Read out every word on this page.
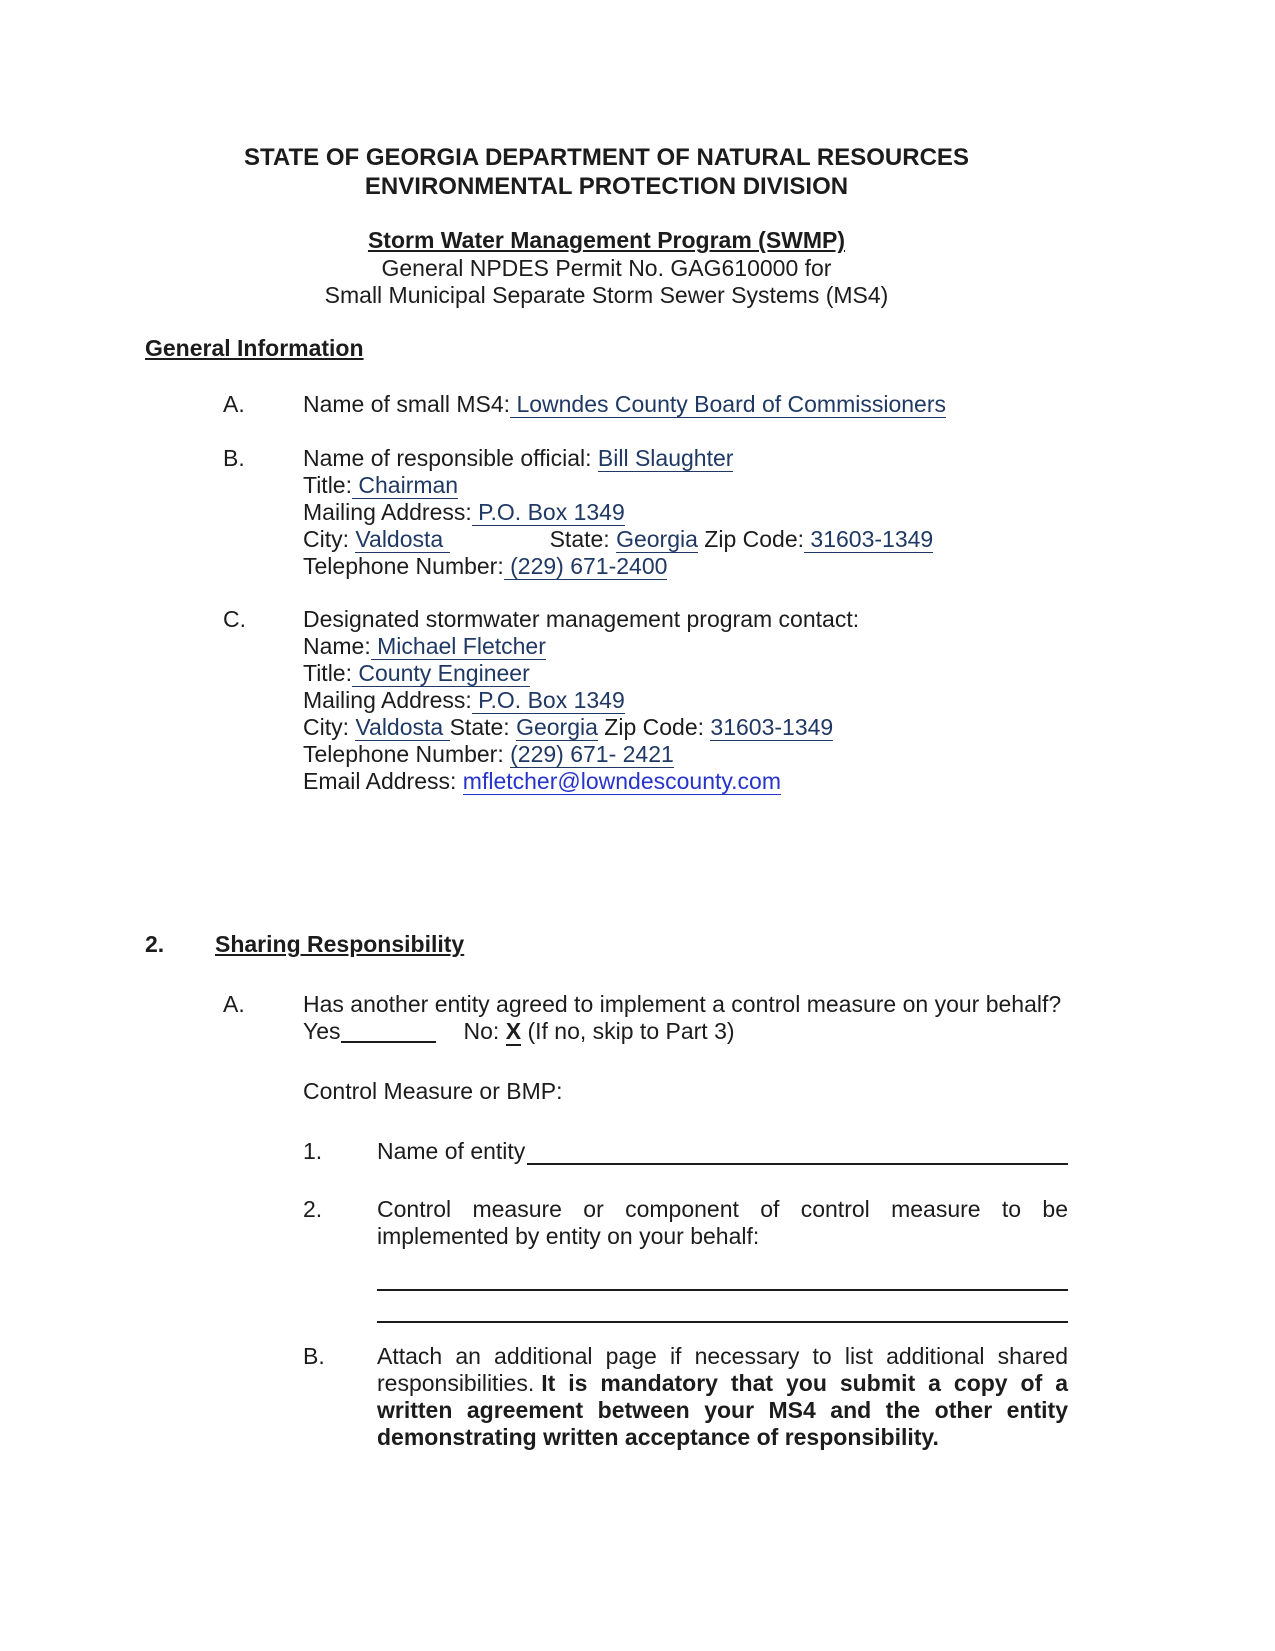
STATE OF GEORGIA DEPARTMENT OF NATURAL RESOURCES
ENVIRONMENTAL PROTECTION DIVISION
Storm Water Management Program (SWMP)
General NPDES Permit No. GAG610000 for
Small Municipal Separate Storm Sewer Systems (MS4)
General Information
A.	Name of small MS4: Lowndes County Board of Commissioners
B.	Name of responsible official: Bill Slaughter
Title: Chairman
Mailing Address: P.O. Box 1349
City: Valdosta	State: Georgia Zip Code: 31603-1349
Telephone Number: (229) 671-2400
C.	Designated stormwater management program contact:
Name: Michael Fletcher
Title: County Engineer
Mailing Address: P.O. Box 1349
City: Valdosta State: Georgia Zip Code: 31603-1349
Telephone Number: (229) 671- 2421
Email Address: mfletcher@lowndescounty.com
2.	Sharing Responsibility
A.	Has another entity agreed to implement a control measure on your behalf?
Yes	No: X (If no, skip to Part 3)
Control Measure or BMP:
1.	Name of entity
2.	Control measure or component of control measure to be implemented by entity on your behalf:
B.	Attach an additional page if necessary to list additional shared responsibilities. It is mandatory that you submit a copy of a written agreement between your MS4 and the other entity demonstrating written acceptance of responsibility.
